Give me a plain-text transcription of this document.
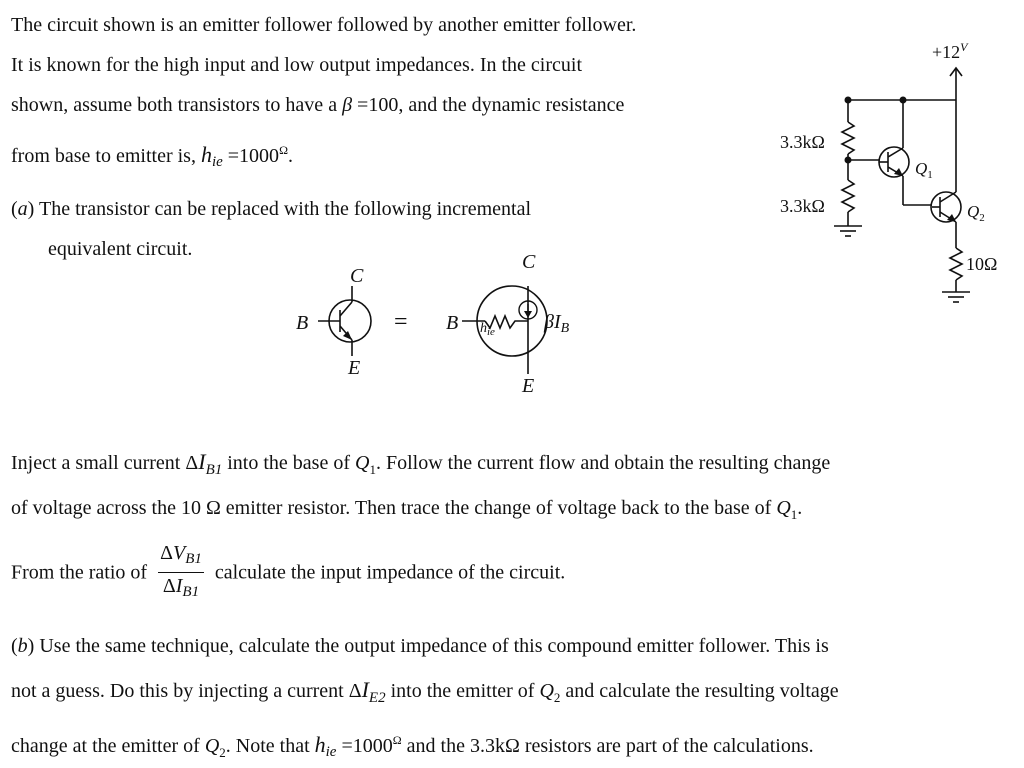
The circuit shown is an emitter follower followed by another emitter follower.

It is known for the high input and low output impedances. In the circuit

shown, assume both transistors to have a β =100, and the dynamic resistance

from base to emitter is, $h_{ie} =1000^\Omega$.

(a) The transistor can be replaced with the following incremental

equivalent circuit.

C
B
E
=
C
B
E
$h_{ie}$ $\beta I_B$
$+12^V$
3.3kΩ
3.3kΩ
10Ω
$Q_1$
$Q_2$

Inject a small current $\Delta I_{B1}$ into the base of $Q_1$. Follow the current flow and obtain the resulting change

of voltage across the 10 Ω emitter resistor. Then trace the change of voltage back to the base of $Q_1$.

From the ratio of $\frac{\Delta V_{B1}}{\Delta I_{B1}}$ calculate the input impedance of the circuit.

(b) Use the same technique, calculate the output impedance of this compound emitter follower. This is

not a guess. Do this by injecting a current $\Delta I_{E2}$ into the emitter of $Q_2$ and calculate the resulting voltage

change at the emitter of $Q_2$. Note that $h_{ie} =1000^\Omega$ and the 3.3kΩ resistors are part of the calculations.
